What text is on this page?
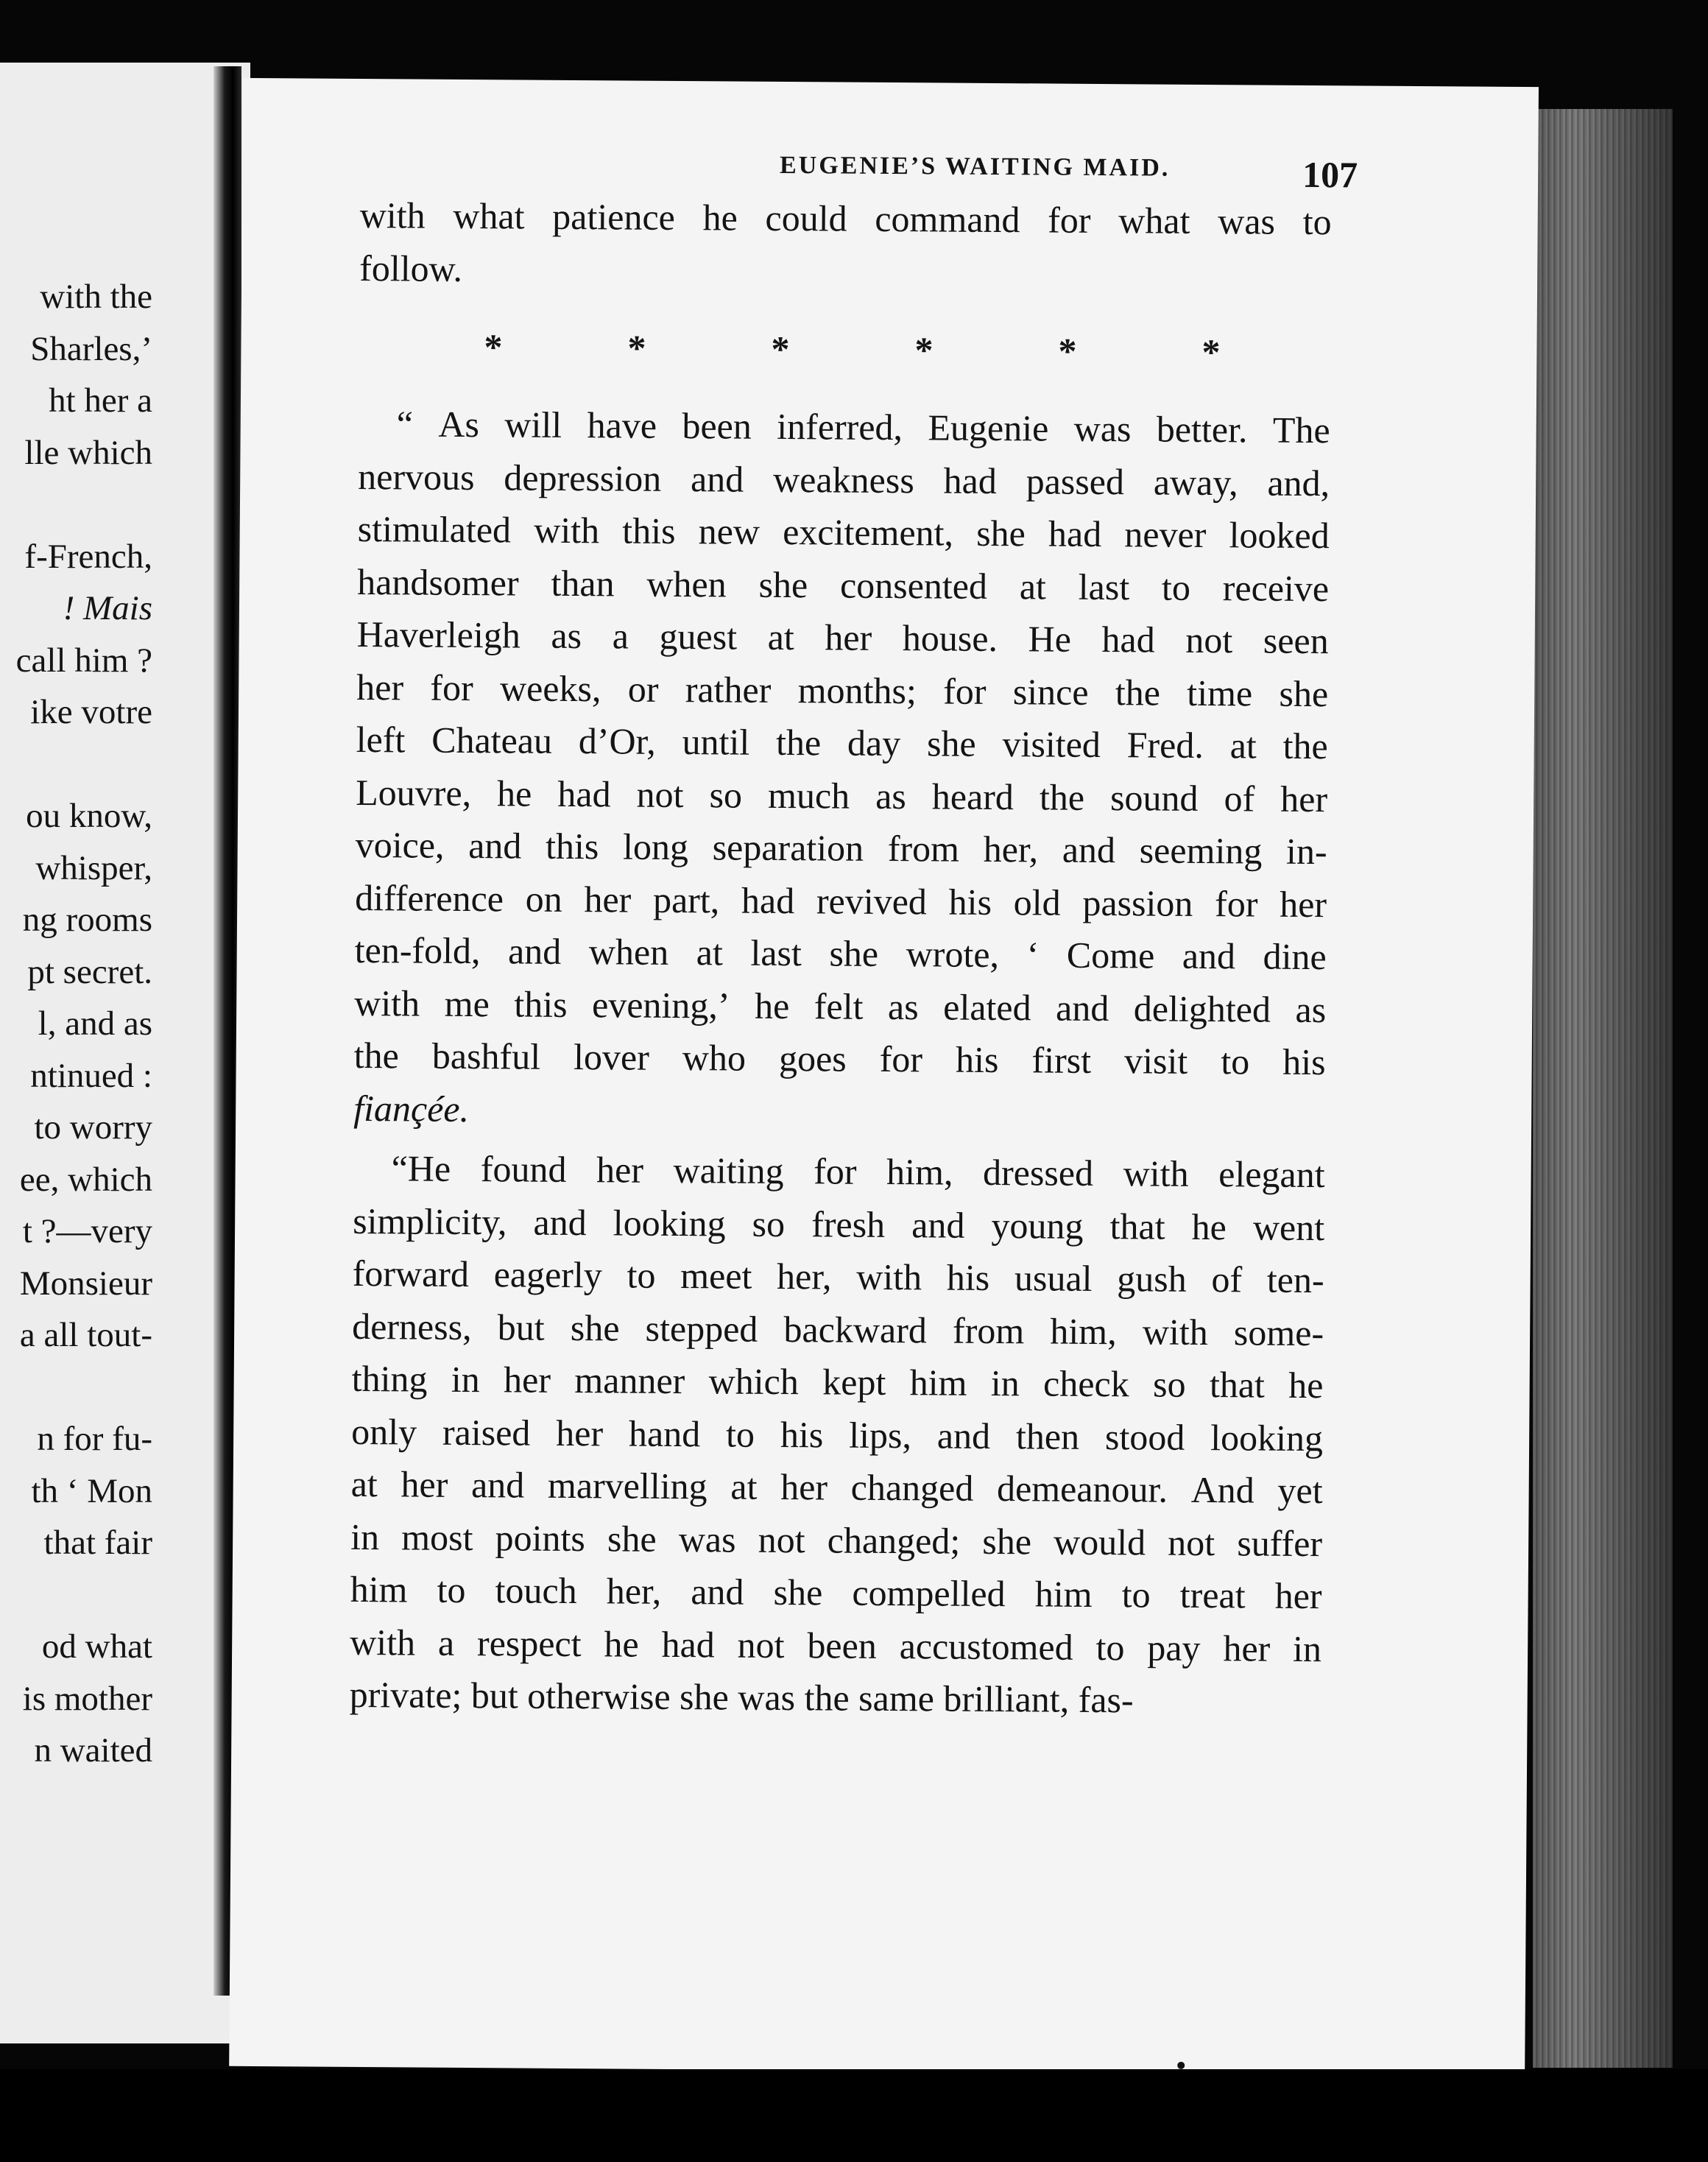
with the
Sharles,’
ht her a
lle which
f-French,
! Mais
call him ?
ike votre
ou know,
whisper,
ng rooms
pt secret.
l, and as
ntinued :
to worry
ee, which
t ?—very
Monsieur
a all tout-
n for fu-
th ‘ Mon
that fair
od what
is mother
n waited
EUGENIE’S WAITING MAID.	107
with what patience he could command for what was to
follow.
*	*	*	*	*	*
“ As will have been inferred, Eugenie was better. The
nervous depression and weakness had passed away, and,
stimulated with this new excitement, she had never looked
handsomer than when she consented at last to receive
Haverleigh as a guest at her house. He had not seen
her for weeks, or rather months; for since the time she
left Chateau d’Or, until the day she visited Fred. at the
Louvre, he had not so much as heard the sound of her
voice, and this long separation from her, and seeming in-
difference on her part, had revived his old passion for her
ten-fold, and when at last she wrote, ‘ Come and dine
with me this evening,’ he felt as elated and delighted as
the bashful lover who goes for his first visit to his
fiançée.
“He found her waiting for him, dressed with elegant
simplicity, and looking so fresh and young that he went
forward eagerly to meet her, with his usual gush of ten-
derness, but she stepped backward from him, with some-
thing in her manner which kept him in check so that he
only raised her hand to his lips, and then stood looking
at her and marvelling at her changed demeanour. And yet
in most points she was not changed; she would not suffer
him to touch her, and she compelled him to treat her
with a respect he had not been accustomed to pay her in
private; but otherwise she was the same brilliant, fas-
